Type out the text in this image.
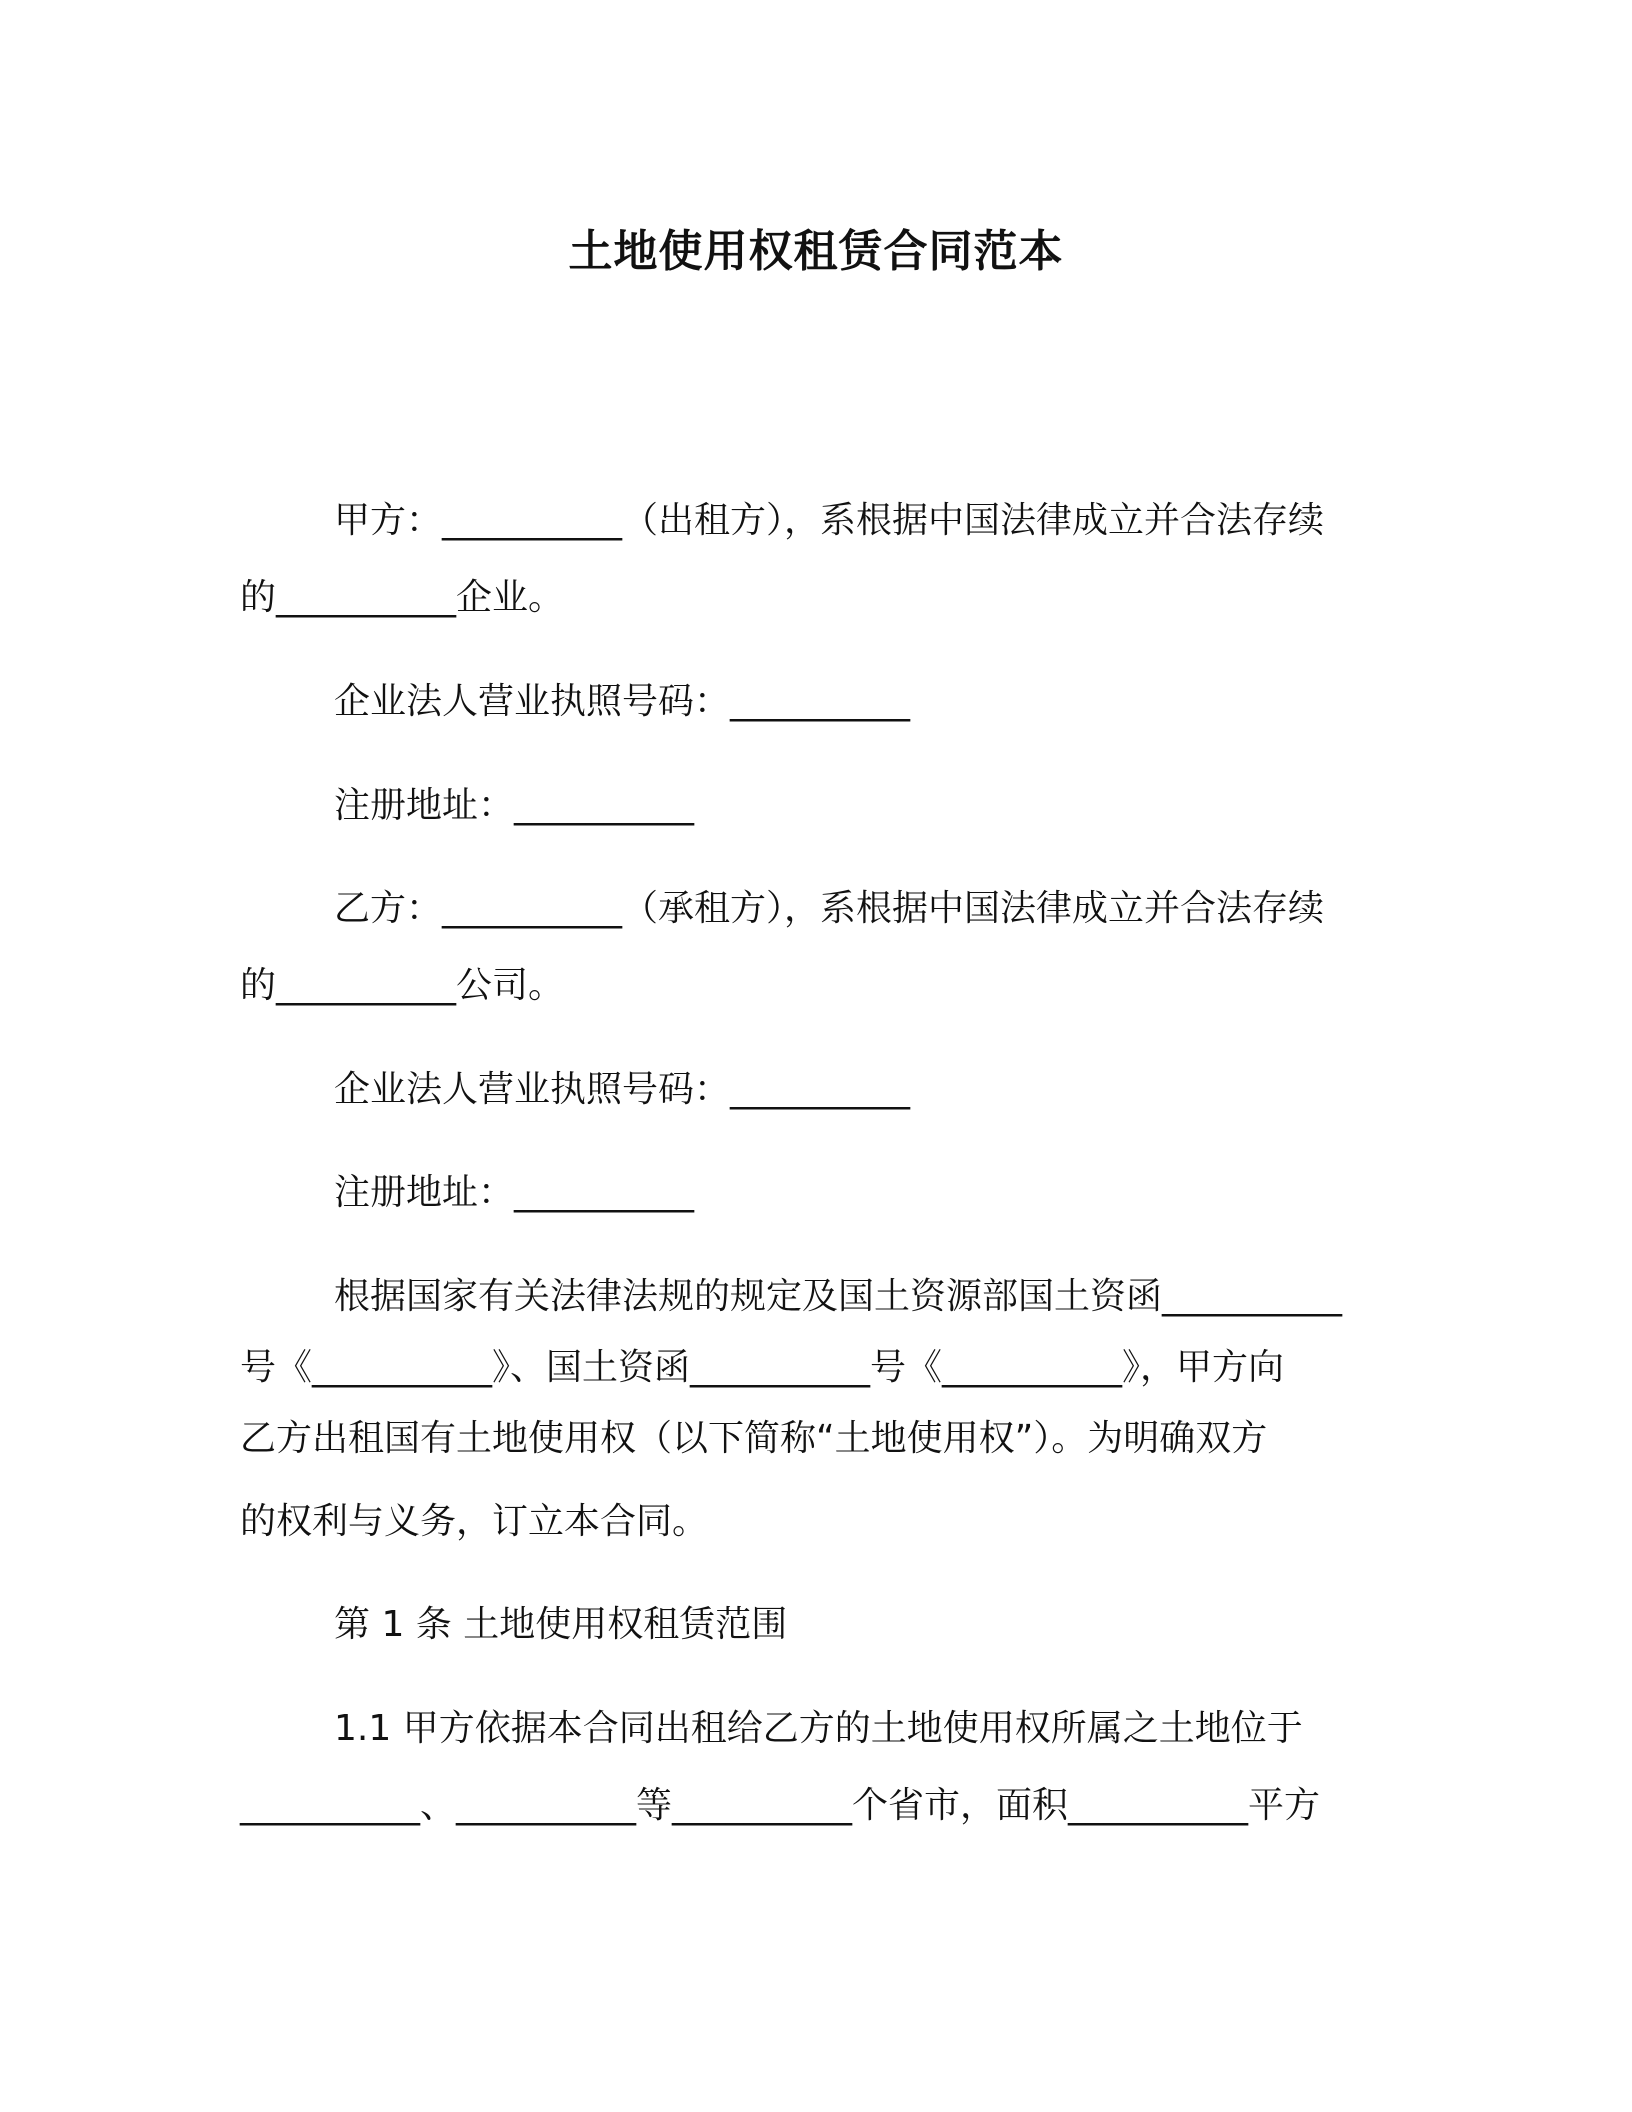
土地使用权租赁合同范本

甲方：__________（出租方），系根据中国法律成立并合法存续

的__________企业。

企业法人营业执照号码：__________

注册地址：__________

乙方：__________（承租方），系根据中国法律成立并合法存续

的__________公司。

企业法人营业执照号码：__________

注册地址：__________

根据国家有关法律法规的规定及国土资源部国土资函__________

号《__________》、国土资函__________号《__________》，甲方向

乙方出租国有土地使用权（以下简称“土地使用权”）。为明确双方

的权利与义务，订立本合同。

第 1 条 土地使用权租赁范围

1.1 甲方依据本合同出租给乙方的土地使用权所属之土地位于

__________、__________等__________个省市，面积__________平方
